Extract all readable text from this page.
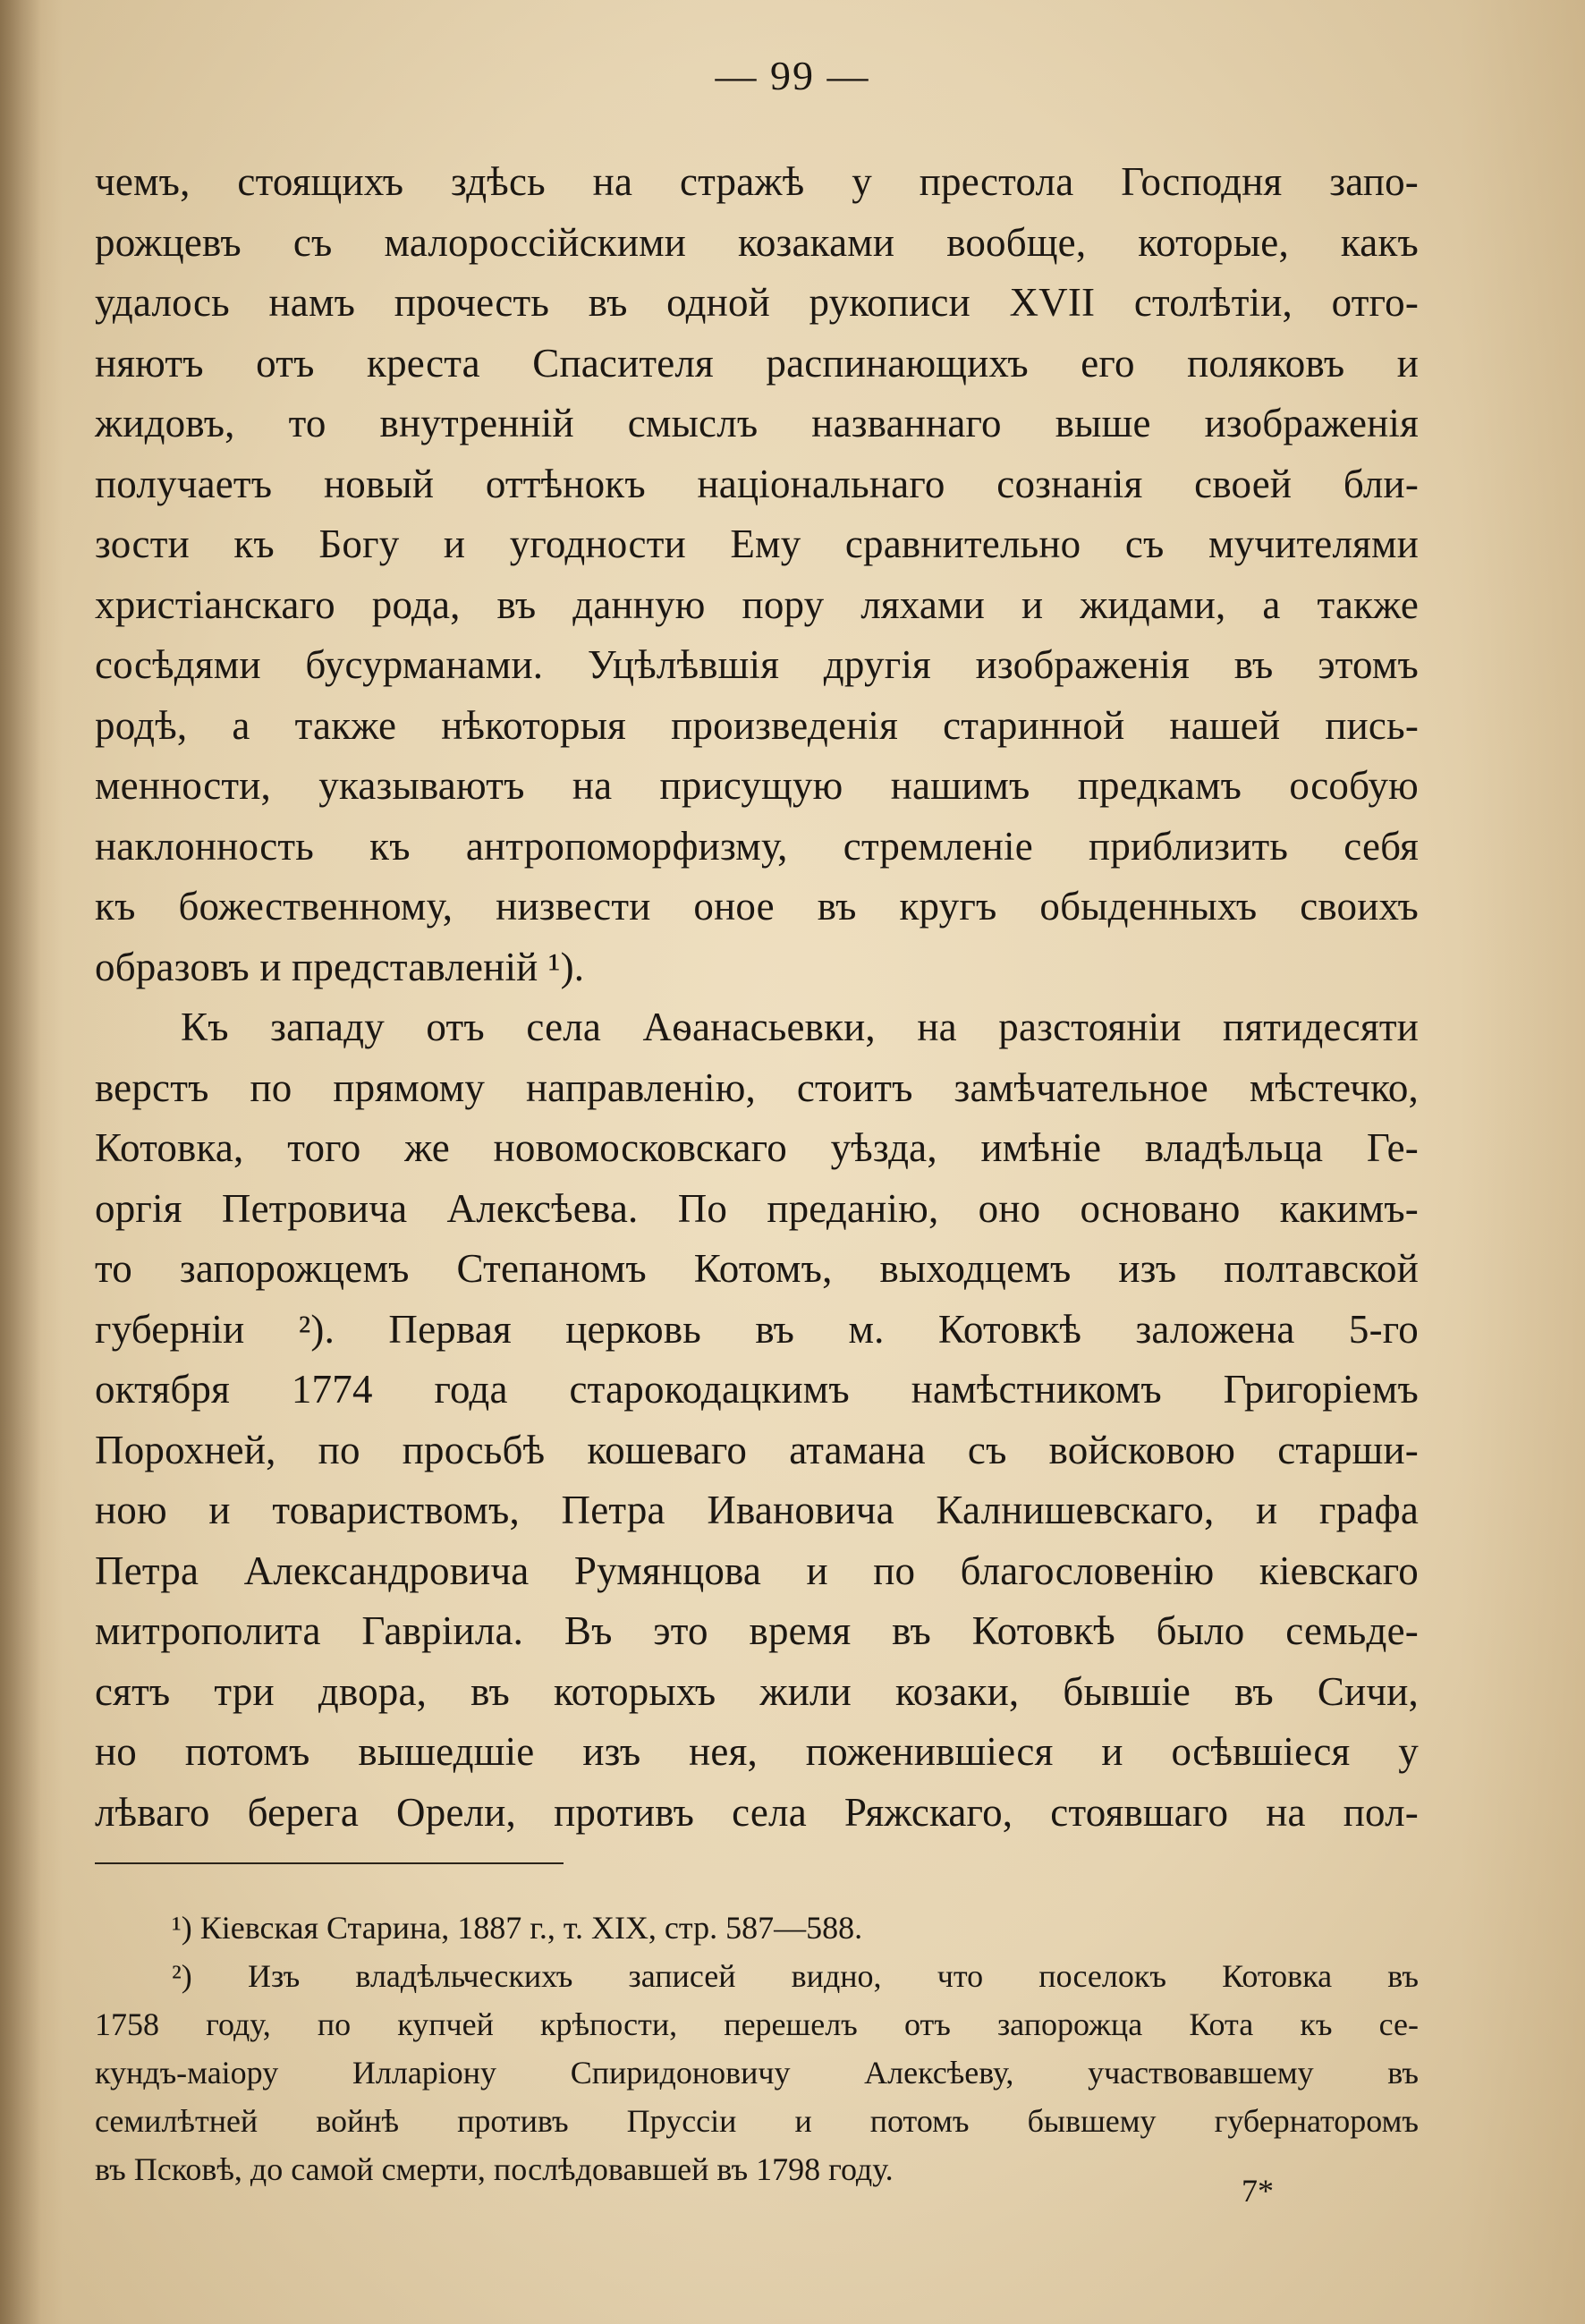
— 99 —
чемъ, стоящихъ здѣсь на стражѣ у престола Господня запо-
рожцевъ съ малороссійскими козаками вообще, которые, какъ
удалось намъ прочесть въ одной рукописи XVII столѣтiи, отго-
няютъ отъ креста Спасителя распинающихъ его поляковъ и
жидовъ, то внутренній смыслъ названнаго выше изображенія
получаетъ новый оттѣнокъ національнаго сознанія своей бли-
зости къ Богу и угодности Ему сравнительно съ мучителями
христіанскаго рода, въ данную пору ляхами и жидами, а также
сосѣдями бусурманами. Уцѣлѣвшія другія изображенія въ этомъ
родѣ, а также нѣкоторыя произведенія старинной нашей пись-
менности, указываютъ на присущую нашимъ предкамъ особую
наклонность къ антропоморфизму, стремленіе приблизить себя
къ божественному, низвести оное въ кругъ обыденныхъ своихъ
образовъ и представленій ¹).
Къ западу отъ села Аѳанасьевки, на разстояніи пятидесяти
верстъ по прямому направленію, стоитъ замѣчательное мѣстечко,
Котовка, того же новомосковскаго уѣзда, имѣніе владѣльца Ге-
оргія Петровича Алексѣева. По преданію, оно основано какимъ-
то запорожцемъ Степаномъ Котомъ, выходцемъ изъ полтавской
губерніи ²). Первая церковь въ м. Котовкѣ заложена 5-го
октября 1774 года старокодацкимъ намѣстникомъ Григоріемъ
Порохней, по просьбѣ кошеваго атамана съ войсковою старши-
ною и товариствомъ, Петра Ивановича Калнишевскаго, и графа
Петра Александровича Румянцова и по благословенію кіевскаго
митрополита Гавріила. Въ это время въ Котовкѣ было семьде-
сятъ три двора, въ которыхъ жили козаки, бывшіе въ Сичи,
но потомъ вышедшіе изъ нея, поженившіеся и осѣвшіеся у
лѣваго берега Орели, противъ села Ряжскаго, стоявшаго на пол-
¹) Кіевская Старина, 1887 г., т. XIX, стр. 587—588.
²) Изъ владѣльческихъ записей видно, что поселокъ Котовка въ
1758 году, по купчей крѣпости, перешелъ отъ запорожца Кота къ се-
кундъ-маіору Илларіону Спиридоновичу Алексѣеву, участвовавшему въ
семилѣтней войнѣ противъ Пруссіи и потомъ бывшему губернаторомъ
въ Псковѣ, до самой смерти, послѣдовавшей въ 1798 году.
7*
